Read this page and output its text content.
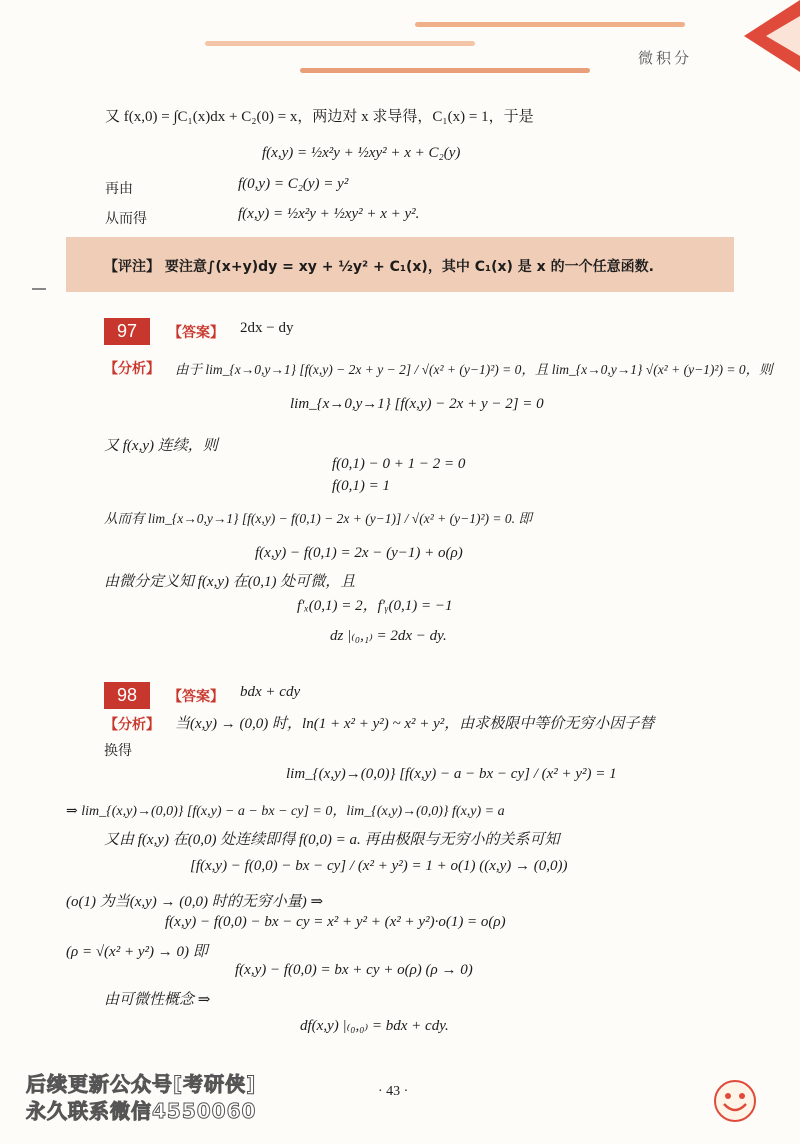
微积分
又 f(x,0) = ∫C₁(x)dx + C₂(0) = x，两边对 x 求导得，C₁(x) = 1，于是
f(x,y) = ½x²y + ½xy² + x + C₂(y)
再由	f(0,y) = C₂(y) = y²
从而得	f(x,y) = ½x²y + ½xy² + x + y².
【评注】 要注意∫(x+y)dy = xy + ½y² + C₁(x)，其中 C₁(x) 是 x 的一个任意函数.
97	【答案】 2dx − dy
【分析】 由于 lim_{x→0,y→1} [f(x,y) − 2x + y − 2] / √(x² + (y−1)²) = 0，且 lim_{x→0,y→1} √(x² + (y−1)²) = 0，则
lim_{x→0,y→1} [f(x,y) − 2x + y − 2] = 0
又 f(x,y) 连续，则
f(0,1) − 0 + 1 − 2 = 0
f(0,1) = 1
从而有 lim_{x→0,y→1} [f(x,y) − f(0,1) − 2x + (y−1)] / √(x² + (y−1)²) = 0. 即
f(x,y) − f(0,1) = 2x − (y−1) + o(ρ)
由微分定义知 f(x,y) 在(0,1) 处可微，且
f′ₓ(0,1) = 2，f′ᵧ(0,1) = −1
dz |₍₀,₁₎ = 2dx − dy.
98	【答案】 bdx + cdy
【分析】 当(x,y) → (0,0) 时，ln(1 + x² + y²) ~ x² + y²，由求极限中等价无穷小因子替
换得
lim_{(x,y)→(0,0)} [f(x,y) − a − bx − cy] / (x² + y²) = 1
⇒ lim_{(x,y)→(0,0)} [f(x,y) − a − bx − cy] = 0，lim_{(x,y)→(0,0)} f(x,y) = a
又由 f(x,y) 在(0,0) 处连续即得 f(0,0) = a. 再由极限与无穷小的关系可知
[f(x,y) − f(0,0) − bx − cy] / (x² + y²) = 1 + o(1) ((x,y) → (0,0))
(o(1) 为当(x,y) → (0,0) 时的无穷小量) ⇒
f(x,y) − f(0,0) − bx − cy = x² + y² + (x² + y²)·o(1) = o(ρ)
(ρ = √(x² + y²) → 0) 即
f(x,y) − f(0,0) = bx + cy + o(ρ) (ρ → 0)
由可微性概念 ⇒
df(x,y) |₍₀,₀₎ = bdx + cdy.
· 43 ·
后续更新公众号[考研侠]
永久联系微信4550060
